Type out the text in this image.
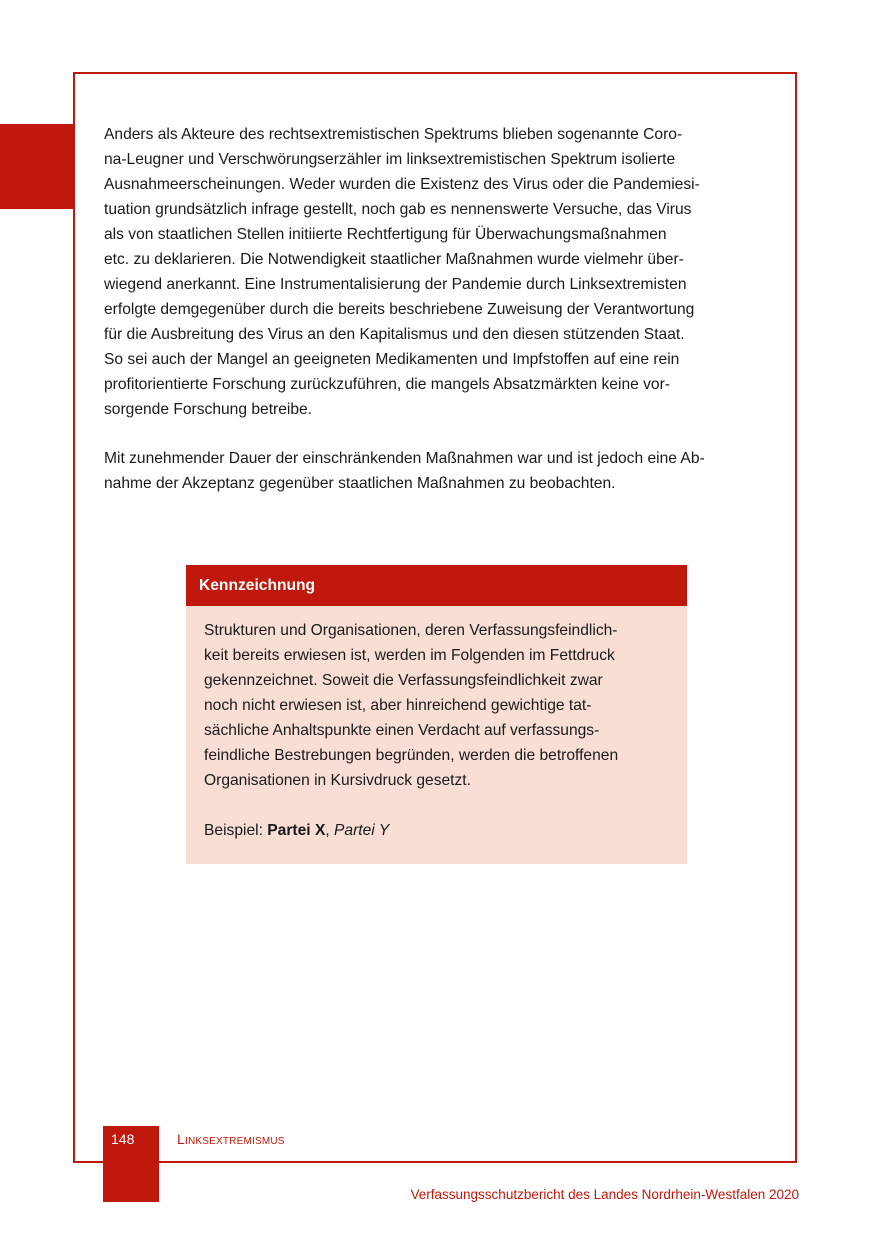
Anders als Akteure des rechtsextremistischen Spektrums blieben sogenannte Coro-
na-Leugner und Verschwörungserzähler im linksextremistischen Spektrum isolierte
Ausnahmeerscheinungen. Weder wurden die Existenz des Virus oder die Pandemiesi-
tuation grundsätzlich infrage gestellt, noch gab es nennenswerte Versuche, das Virus
als von staatlichen Stellen initiierte Rechtfertigung für Überwachungsmaßnahmen
etc. zu deklarieren. Die Notwendigkeit staatlicher Maßnahmen wurde vielmehr über-
wiegend anerkannt. Eine Instrumentalisierung der Pandemie durch Linksextremisten
erfolgte demgegenüber durch die bereits beschriebene Zuweisung der Verantwortung
für die Ausbreitung des Virus an den Kapitalismus und den diesen stützenden Staat.
So sei auch der Mangel an geeigneten Medikamenten und Impfstoffen auf eine rein
profitorientierte Forschung zurückzuführen, die mangels Absatzmärkten keine vor-
sorgende Forschung betreibe.

Mit zunehmender Dauer der einschränkenden Maßnahmen war und ist jedoch eine Ab-
nahme der Akzeptanz gegenüber staatlichen Maßnahmen zu beobachten.

Kennzeichnung

Strukturen und Organisationen, deren Verfassungsfeindlich-
keit bereits erwiesen ist, werden im Folgenden im Fettdruck
gekennzeichnet. Soweit die Verfassungsfeindlichkeit zwar
noch nicht erwiesen ist, aber hinreichend gewichtige tat-
sächliche Anhaltspunkte einen Verdacht auf verfassungs-
feindliche Bestrebungen begründen, werden die betroffenen
Organisationen in Kursivdruck gesetzt.

Beispiel: Partei X, Partei Y

148	Linksextremismus
Verfassungsschutzbericht des Landes Nordrhein-Westfalen 2020
